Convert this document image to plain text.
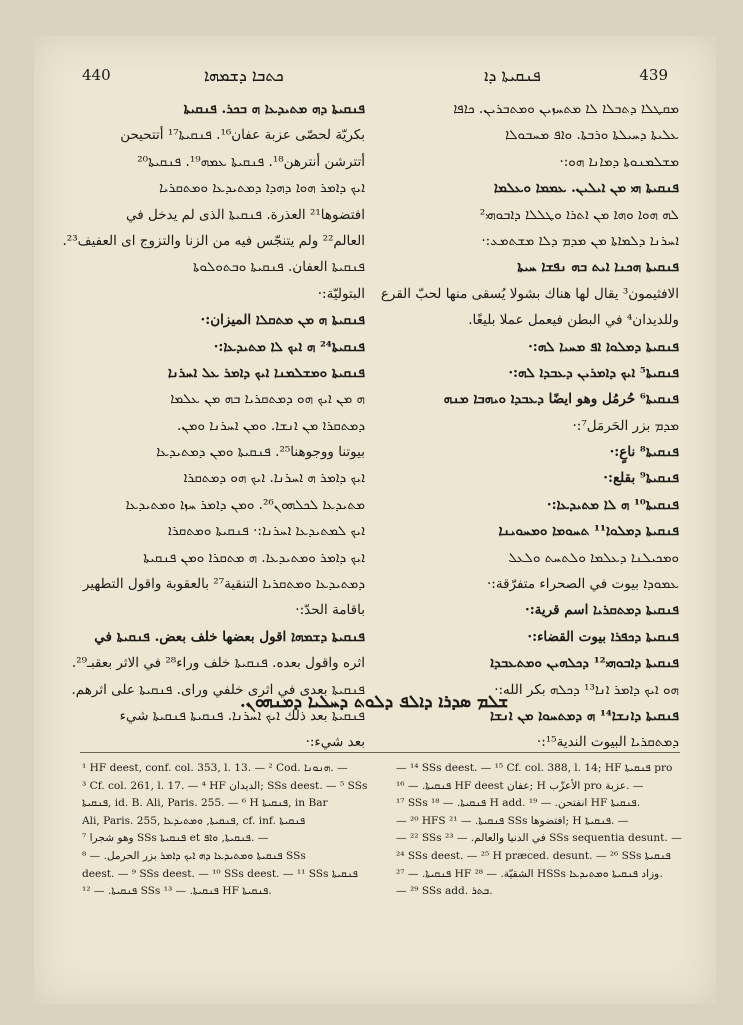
440	ܟܬܒܐ ܕܫܡܗܐ	ܦܢܩܝܬܐ ܕܐ	439
ܦܢܩܝܬܐ ܕܗ ܡܬܝܕܥܐ ܗ ܒܟܪ. ܦܢܩܝܬܐ
بكريّة لحصّى عزبة عفان¹⁶. ܦܢܩܝܬܐ¹⁷ أتتحيحن
أتترشن أنترهن¹⁸. ܦܢܩܝܬܐ ܥܡܗ¹⁹. ܦܢܩܝܬܐ²⁰
ܐܝܟ ܕܐܡܪ ܗܘܐ ܕܗܕܐ ܕܡܬܝܕܥܐ ܘܡܬܩܪܝܐ
افتضوها²¹ العذرة. ܦܢܩܝܬܐ الذى لم يدخل في
العالم²² ولم يتنجّس فيه من الزنا والتزوج اى العفيف²³.
ܦܢܩܝܬܐ العفان. ܦܢܩܝܬܐ ܘܒܬܘܠܘܬܐ
البتوليّة:·
ܦܢܩܝܬܐ ܗ ܡܢ ܡܬܩܠܐ الميزان:·
ܦܢܩܝܬܐ²⁴ ܗ ܐܝܟ ܠܐ ܡܬܝܕܥܐ:·
ܦܢܩܝܬܐ ܘܡܫܠܡܢܐ ܐܝܟ ܕܐܡܪ ܥܠ ܐܚܪܢܐ
ܗ ܡܢ ܐܝܟ ܗܘ ܕܡܬܩܪܝܐ ܒܗ ܡܢ ܥܠܡܐ
ܕܡܬܩܪܐ ܡܢ ܐܢܫܐ. ܘܡܢ ܐܚܪܢܐ ܘܡܢ.
بيوتنا ووجوهنا²⁵. ܦܢܩܝܬܐ ܘܡܢ ܕܡܬܝܕܥܐ
ܐܝܟ ܕܐܡܪ ܗ ܐܚܪܢܐ. ܐܝܟ ܗܘ ܕܡܬܩܪܐ
ܡܬܝܕܥܐ ܠܟܠܗܘܢ²⁶. ܘܡܢ ܕܐܡܪ ܚܙܐ ܘܡܬܝܕܥܐ
ܐܝܟ ܠܡܬܝܕܥܐ ܐܚܪܢܐ:· ܦܢܩܝܬܐ ܘܡܬܩܪܐ
ܐܝܟ ܕܐܡܪ ܘܡܬܝܕܥܐ. ܗ ܡܬܩܪܐ ܘܡܢ ܦܢܩܝܬܐ
ܕܡܬܝܕܥܐ ܘܡܬܩܪܝܐ التنقية²⁷ بالعقوبة واقول التطهير
باقامة الحدّ:·
ܦܢܩܝܬܐ ܕܫܡܗܐ اقول بعضها خلف بعض. ܦܢܩܝܬܐ في
اثره واقول بعده. ܦܢܩܝܬܐ خلف وراء²⁸ في الاثر بعقبـ²⁹.
ܦܢܩܝܬܐ بعدى في اثرى خلفي وراى. ܦܢܩܝܬܐ على اثرهم.
ܦܢܩܝܬܐ بعد ذلك ܐܝܟ ܐܚܪܢܐ. ܦܢܩܝܬܐ ܦܢܩܝܬܐ شيء
بعد شيء:·
ܡܩܛܠܐ ܕܬܒܠܐ ܠܐ ܡܬܚܙܝܢ ܘܡܬܒܪܝܢ. ܟܐܦܐ
ܥܠܝܬܐ ܕܚܝܠܬܐ ܘܪܒܬܐ. ܘܐܦ ܡܚܒܘܠܐ
ܡܫܠܡܢܘܬܐ ܕܡܐܢܐ ܗܘ:·
ܦܢܩܝܬܐ ܗܝ ܡܢ ܐܝܠܝܢ. ܥܡܡܐ ܘܥܠܡܐ
ܠܗ ܗܘܐ ܘܗܐ ܡܢ ܐܬܪܐ ܘܛܠܠܐ ܕܐܒܘܗܝ²
ܐܚܪܢܐ ܕܠܡܐܬܐ ܡܢ ܡܕܡ ܕܠܐ ܡܫܬܡܥ:·
ܦܢܩܝܬܐ ܗܟܢܐ ܐܝܬ ܒܗ ܢܦܫܐ ܚܝܬܐ
الافثيمون³ يقال لها هناك بشولا يُسقى منها لحبّ القرع
وللديدان⁴ في البطن فيعمل عملا بليغًا.
ܦܢܩܝܬܐ ܕܡܠܘܐ ܐܦ ܡܚܝܐ ܠܗ:·
ܦܢܩܝܬܐ⁵ ܐܝܟ ܕܐܡܪܝܢ ܕܥܒܕܐ ܠܗ:·
ܦܢܩܝܬܐ⁶ حُرمُل وهو ايضًا ܕܥܒܕܐ ܘܝܗܒܐ ܡܢܗ
ܡܕܡ بزر الحَرمَل⁷:·
ܦܢܩܝܬܐ⁸ ناعٍ:·
ܦܢܩܝܬܐ⁹ بقلع:·
ܦܢܩܝܬܐ¹⁰ ܗ ܠܐ ܡܬܝܕܥܐ:·
ܦܢܩܝܬܐ ܕܡܠܘܐ¹¹ ܬܚܘܡܐ ܘܡܚܘܝܢܐ
ܘܡܟܝܠܢܐ ܕܥܠܡܐ ܘܠܬܚܬ ܘܠܥܠ
ܥܡܘܕܐ بيوت في الصحراء متفرّقة:·
ܦܢܩܝܬܐ ܕܡܬܩܪܝܐ اسم قرية:·
ܦܢܩܝܬܐ ܕܟܦܪܐ بيوت القضاء:·
ܦܢܩܝܬܐ ܕܐܒܘܗܝ¹² ܕܟܠܗܝܢ ܘܡܬܥܒܕܐ
ܗܘ ܐܝܟ ܕܐܡܪ ܐܢܐ¹³ ܕܟܠܗ بكر الله:·
ܦܢܩܝܬܐ ܕܐܢܫܐ¹⁴ ܗ ܕܡܬܚܘܐ ܡܢ ܐܢܫܐ
ܕܡܬܩܪܝܐ البيوت الندية¹⁵:·
ܫܠܡ ܣܕܪܐ ܕܐܠܦ ܕܠܘܬ ܕܚܠܝܐ ܕܡܢܗܘܢ.
¹ HF deest, conf. col. 353, l. 13. — ² Cod. ܗܢܘܢܐ. —
³ Cf. col. 261, l. 17. — ⁴ HF الديدان; SSs deest. — ⁵ SSs
ܦܢܩܝܬܐ, id. B. Ali, Paris. 255. — ⁶ H ܦܢܩܝܬܐ, in Bar
Ali, Paris. 255, ܦܢܩܝܬܐ, ܘܡܬܝܕܥܐ, cf. inf. ܦܢܩܝܬܐ
وهو شجرا ⁷ SSs ܦܢܩܝܬܐ et ܦܢܩܝܬܐ, ܘܐܦ. —
ܦܢܩܝܬܐ ܘܡܬܝܕܥܐ ܕܗ ܐܝܟ ܕܐܡܪ بزر الحرمل. — ⁸ SSs
deest. — ⁹ SSs deest. — ¹⁰ SSs deest. — ¹¹ SSs ܦܢܩܝܬܐ
ܦܢܩܝܬܐ. — ¹² SSs ܦܢܩܝܬܐ. — ¹³ HF ܦܢܩܝܬܐ.
— ¹⁴ SSs deest. — ¹⁵ Cf. col. 388, l. 14; HF ܦܢܩܝܬܐ pro
ܦܢܩܝܬܐ. — ¹⁶ HF deest عفان; H الأعزّب pro عزبة. —
¹⁷ SSs ܦܢܩܝܬܐ. — ¹⁸ H add. انفتحن. — ¹⁹ HF ܦܢܩܝܬܐ.
— ²⁰ HFS ܦܢܩܝܬܐ. — ²¹ SSs افتضوها; H ܦܢܩܝܬܐ. —
— ²² SSs في الدنيا والعالم. — ²³ SSs sequentia desunt. —
²⁴ SSs deest. — ²⁵ H præced. desunt. — ²⁶ SSs ܦܢܩܝܬܐ
ܦܢܩܝܬܐ. — ²⁷ HF الشقيّة. — ²⁸ HSSs وزاد ܦܢܩܝܬܐ ܘܡܬܝܕܥܐ.
— ²⁹ SSs add. ܒܬܪ.
